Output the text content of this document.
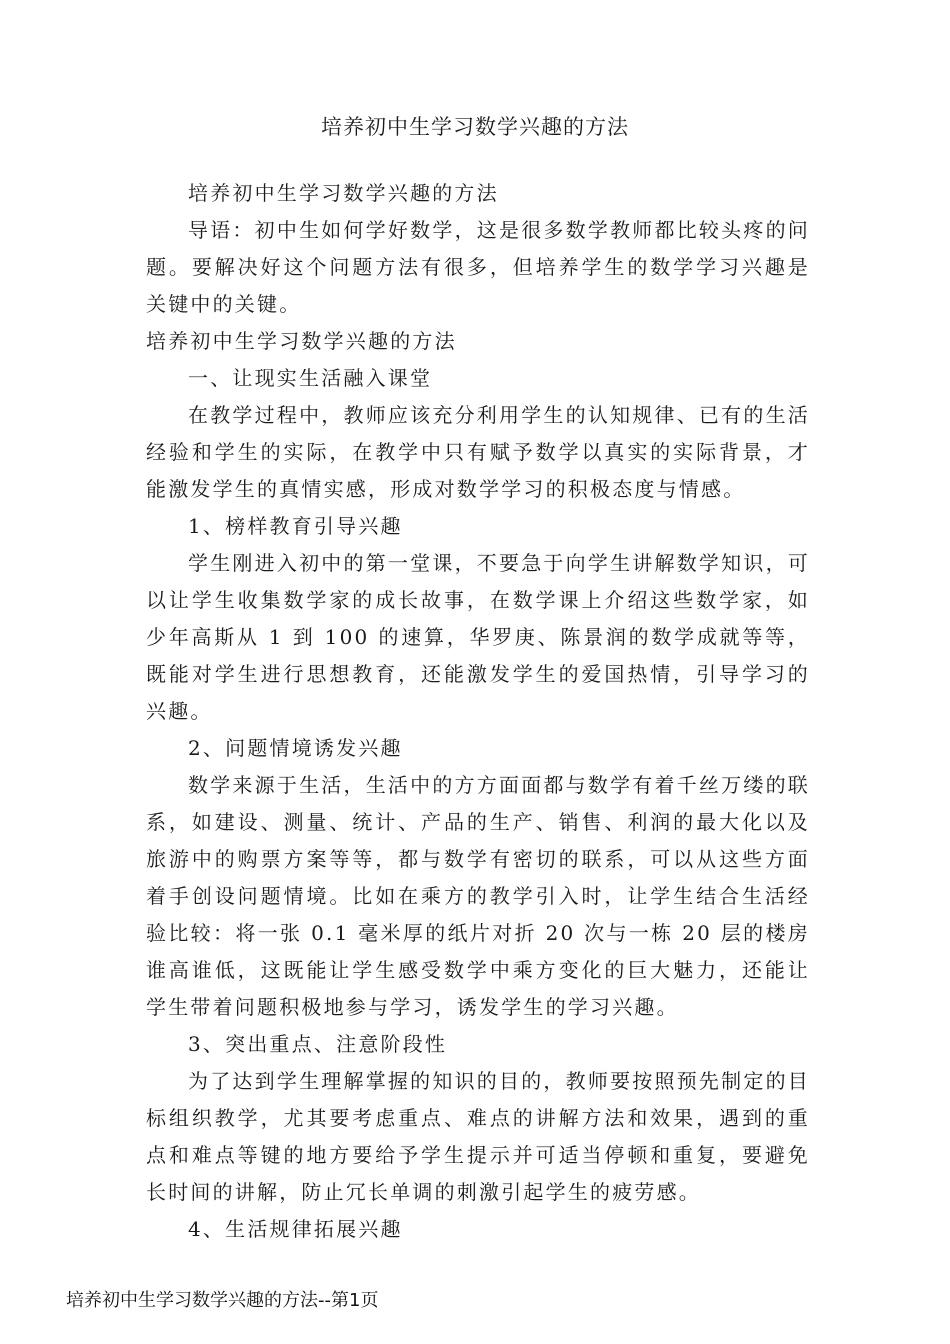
培养初中生学习数学兴趣的方法

培养初中生学习数学兴趣的方法

导语：初中生如何学好数学，这是很多数学教师都比较头疼的问题。要解决好这个问题方法有很多，但培养学生的数学学习兴趣是关键中的关键。

培养初中生学习数学兴趣的方法

一、让现实生活融入课堂

在教学过程中，教师应该充分利用学生的认知规律、已有的生活经验和学生的实际，在教学中只有赋予数学以真实的实际背景，才能激发学生的真情实感，形成对数学学习的积极态度与情感。

1、榜样教育引导兴趣

学生刚进入初中的第一堂课，不要急于向学生讲解数学知识，可以让学生收集数学家的成长故事，在数学课上介绍这些数学家，如少年高斯从 1 到 100 的速算，华罗庚、陈景润的数学成就等等，既能对学生进行思想教育，还能激发学生的爱国热情，引导学习的兴趣。

2、问题情境诱发兴趣

数学来源于生活，生活中的方方面面都与数学有着千丝万缕的联系，如建设、测量、统计、产品的生产、销售、利润的最大化以及旅游中的购票方案等等，都与数学有密切的联系，可以从这些方面着手创设问题情境。比如在乘方的教学引入时，让学生结合生活经验比较：将一张 0.1 毫米厚的纸片对折 20 次与一栋 20 层的楼房谁高谁低，这既能让学生感受数学中乘方变化的巨大魅力，还能让学生带着问题积极地参与学习，诱发学生的学习兴趣。

3、突出重点、注意阶段性

为了达到学生理解掌握的知识的目的，教师要按照预先制定的目标组织教学，尤其要考虑重点、难点的讲解方法和效果，遇到的重点和难点等键的地方要给予学生提示并可适当停顿和重复，要避免长时间的讲解，防止冗长单调的刺激引起学生的疲劳感。

4、生活规律拓展兴趣

培养初中生学习数学兴趣的方法--第1页
